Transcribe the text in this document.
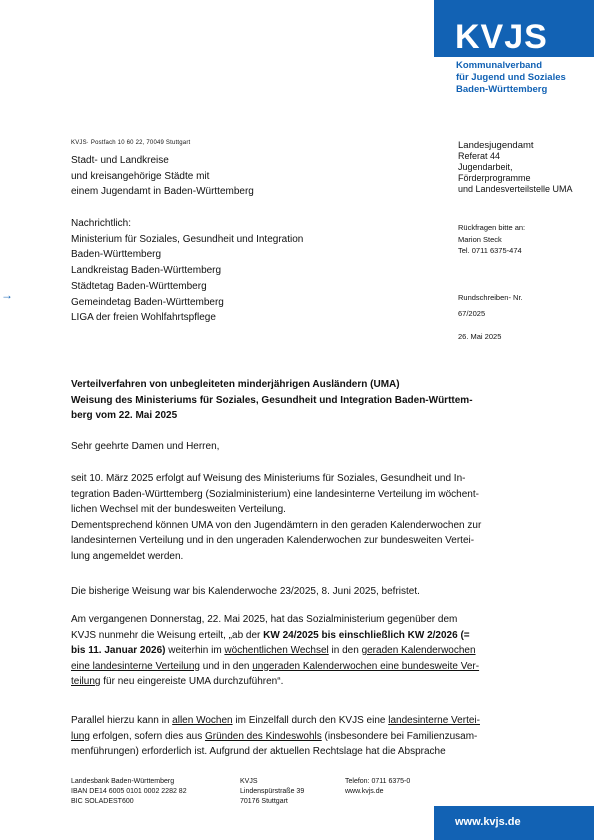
KVJS
Kommunalverband
für Jugend und Soziales
Baden-Württemberg
KVJS· Postfach 10 60 22, 70049 Stuttgart
Stadt- und Landkreise
und kreisangehörige Städte mit
einem Jugendamt in Baden-Württemberg
Nachrichtlich:
Ministerium für Soziales, Gesundheit und Integration
Baden-Württemberg
Landkreistag Baden-Württemberg
Städtetag Baden-Württemberg
Gemeindetag Baden-Württemberg
LIGA der freien Wohlfahrtspflege
Landesjugendamt
Referat 44
Jugendarbeit,
Förderprogramme
und Landesverteilstelle UMA
Rückfragen bitte an:
Marion Steck
Tel. 0711 6375-474
Rundschreiben- Nr.
67/2025
26. Mai 2025
→
Verteilverfahren von unbegleiteten minderjährigen Ausländern (UMA)
Weisung des Ministeriums für Soziales, Gesundheit und Integration Baden-Württem-
berg vom 22. Mai 2025
Sehr geehrte Damen und Herren,
seit 10. März 2025 erfolgt auf Weisung des Ministeriums für Soziales, Gesundheit und In-
tegration Baden-Württemberg (Sozialministerium) eine landesinterne Verteilung im wöchent-
lichen Wechsel mit der bundesweiten Verteilung.
Dementsprechend können UMA von den Jugendämtern in den geraden Kalenderwochen zur
landesinternen Verteilung und in den ungeraden Kalenderwochen zur bundesweiten Vertei-
lung angemeldet werden.
Die bisherige Weisung war bis Kalenderwoche 23/2025, 8. Juni 2025, befristet.
Am vergangenen Donnerstag, 22. Mai 2025, hat das Sozialministerium gegenüber dem
KVJS nunmehr die Weisung erteilt, „ab der KW 24/2025 bis einschließlich KW 2/2026 (=
bis 11. Januar 2026) weiterhin im wöchentlichen Wechsel in den geraden Kalenderwochen
eine landesinterne Verteilung und in den ungeraden Kalenderwochen eine bundesweite Ver-
teilung für neu eingereiste UMA durchzuführen“.
Parallel hierzu kann in allen Wochen im Einzelfall durch den KVJS eine landesinterne Vertei-
lung erfolgen, sofern dies aus Gründen des Kindeswohls (insbesondere bei Familienzusam-
menführungen) erforderlich ist. Aufgrund der aktuellen Rechtslage hat die Absprache
Landesbank Baden-Württemberg
IBAN DE14 6005 0101 0002 2282 82
BIC SOLADEST600
KVJS
Lindenspürstraße 39
70176 Stuttgart
Telefon: 0711 6375-0
www.kvjs.de
www.kvjs.de
